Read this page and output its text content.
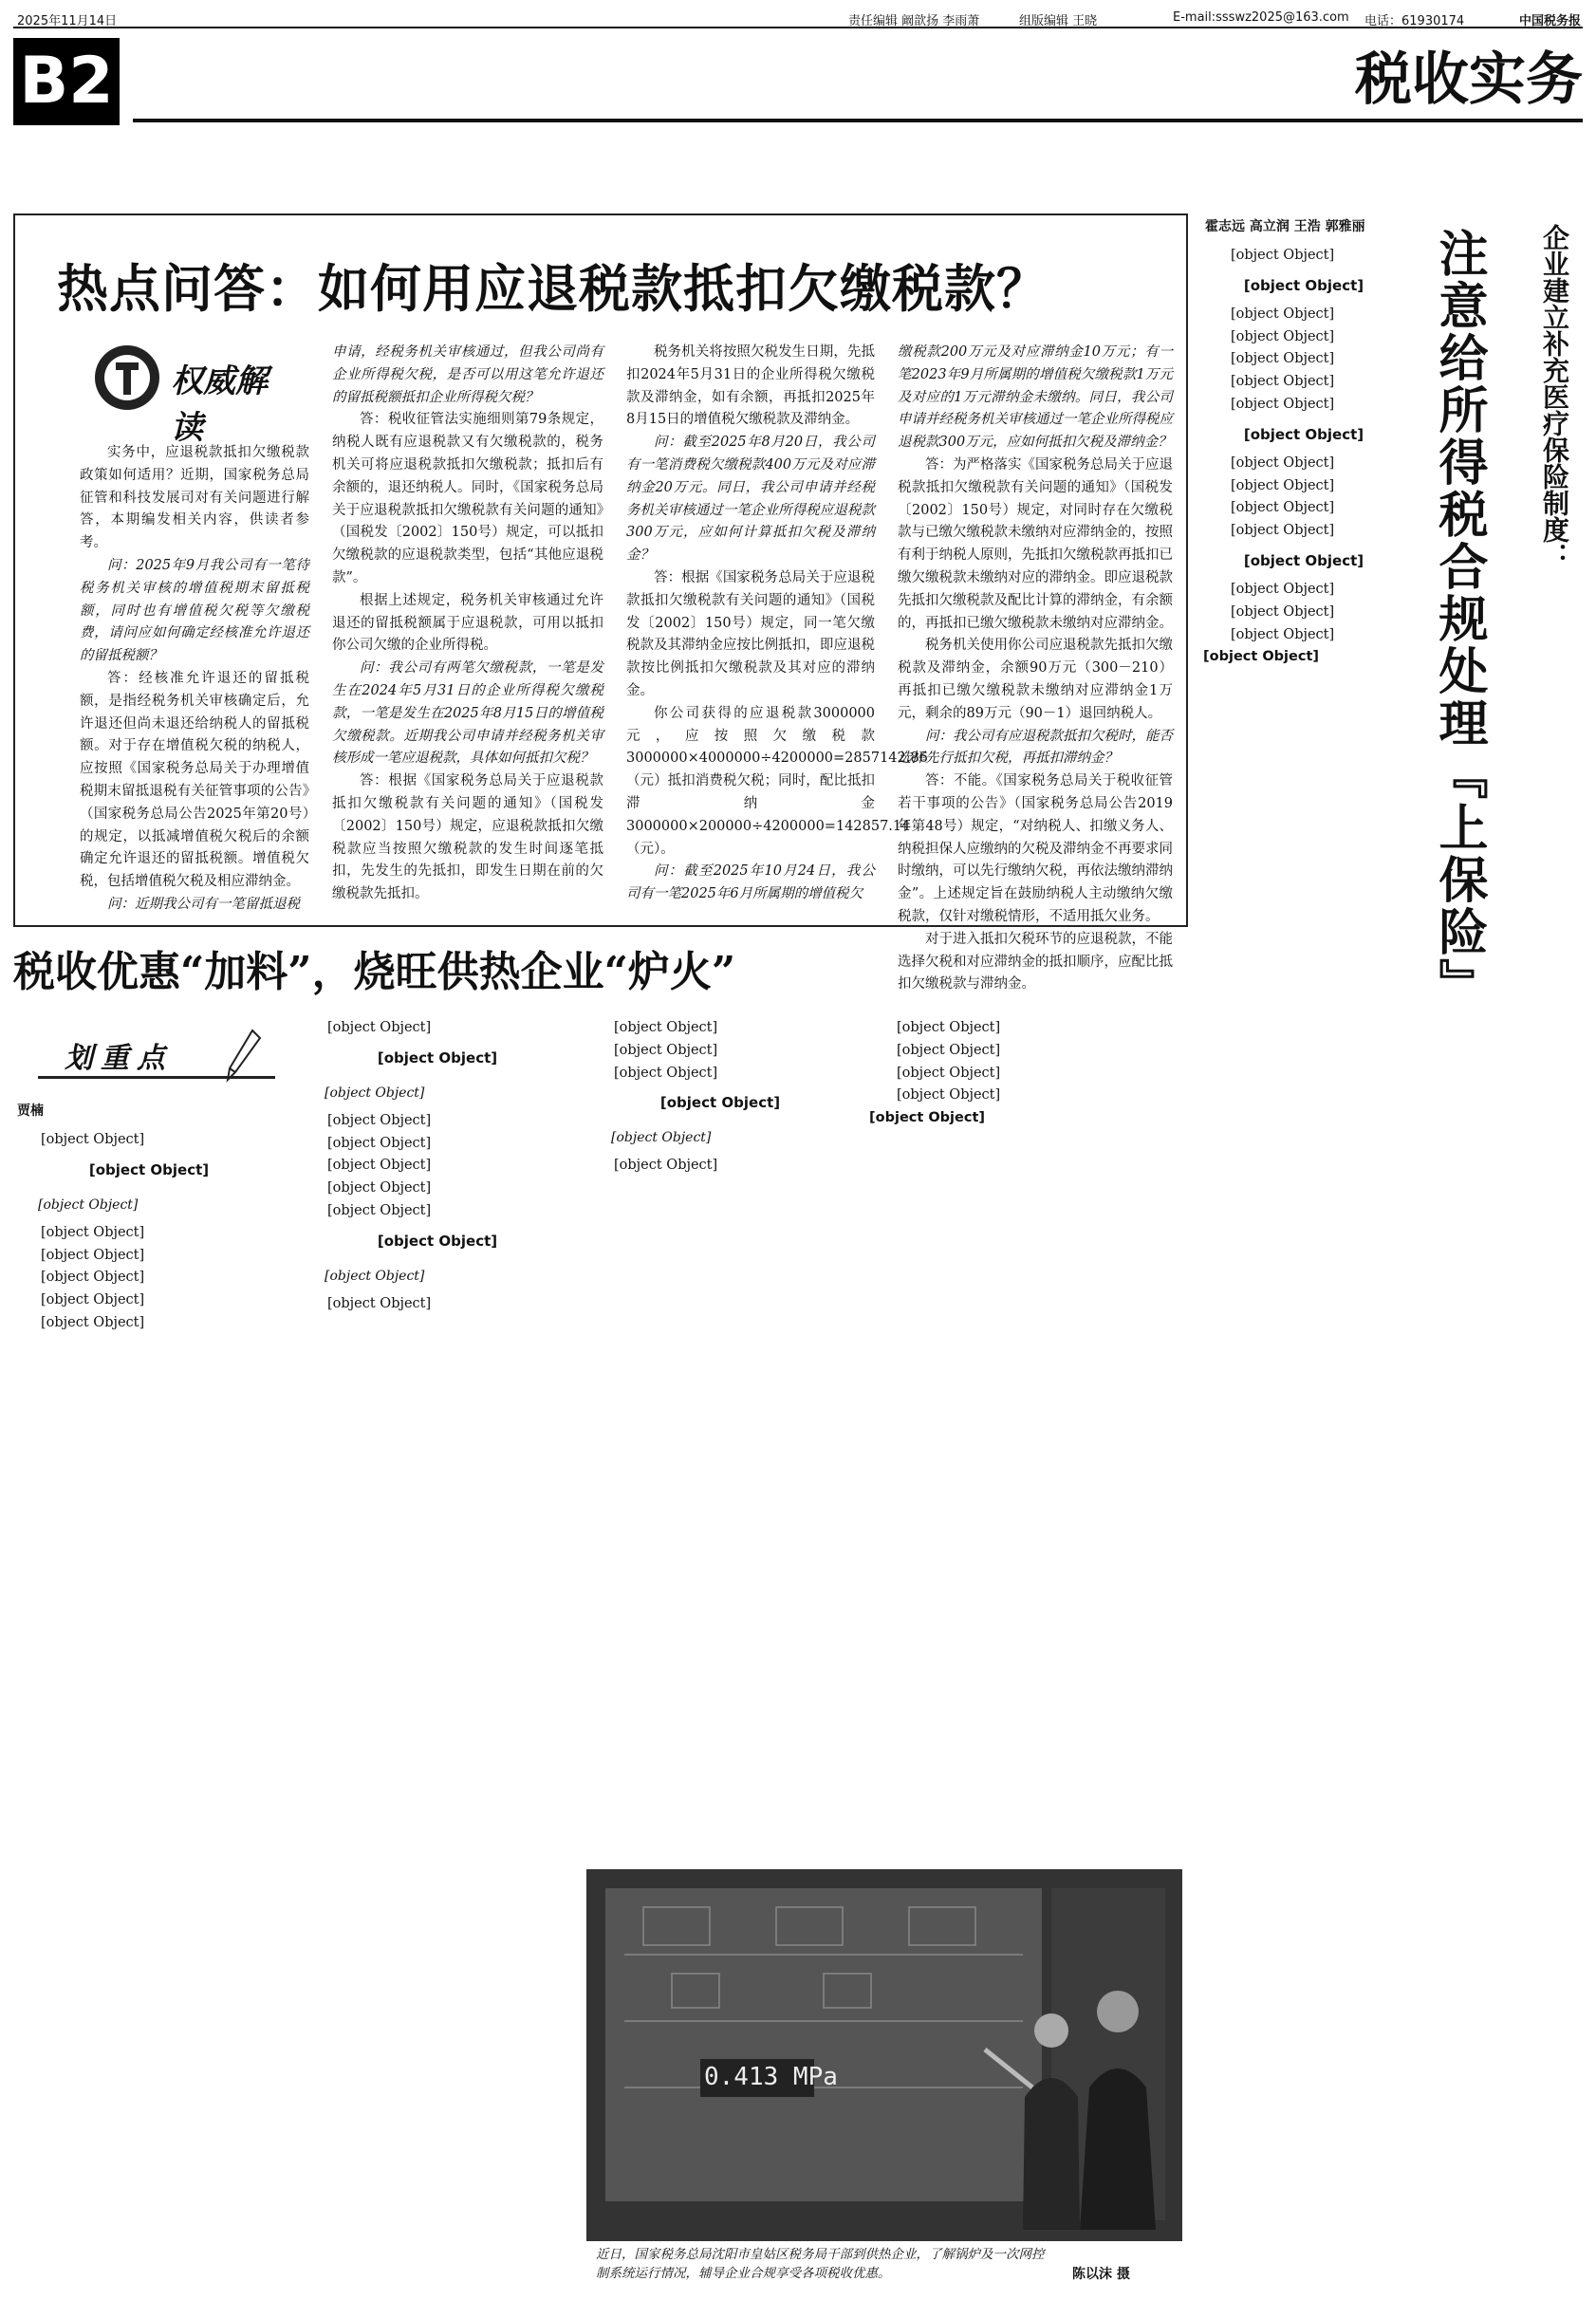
2025年11月14日	责任编辑 阚歆扬 李雨萧	组版编辑 王晓	E-mail:ssswz2025@163.com 电话：61930174	中国税务报
B2	税收实务
热点问答：如何用应退税款抵扣欠缴税款？
权威解读

实务中，应退税款抵扣欠缴税款政策如何适用？近期，国家税务总局征管和科技发展司对有关问题进行解答，本期编发相关内容，供读者参考。

问：2025年9月我公司有一笔待税务机关审核的增值税期末留抵税额，同时也有增值税欠税等欠缴税费，请问应如何确定经核准允许退还的留抵税额？

答：经核准允许退还的留抵税额，是指经税务机关审核确定后，允许退还但尚未退还给纳税人的留抵税额。对于存在增值税欠税的纳税人，应按照《国家税务总局关于办理增值税期末留抵退税有关征管事项的公告》（国家税务总局公告2025年第20号）的规定，以抵减增值税欠税后的余额确定允许退还的留抵税额。增值税欠税，包括增值税欠税及相应滞纳金。

问：近期我公司有一笔留抵退税

申请，经税务机关审核通过，但我公司尚有企业所得税欠税，是否可以用这笔允许退还的留抵税额抵扣企业所得税欠税？

答：税收征管法实施细则第79条规定，纳税人既有应退税款又有欠缴税款的，税务机关可将应退税款抵扣欠缴税款；抵扣后有余额的，退还纳税人。同时，《国家税务总局关于应退税款抵扣欠缴税款有关问题的通知》（国税发〔2002〕150号）规定，可以抵扣欠缴税款的应退税款类型，包括“其他应退税款”。

根据上述规定，税务机关审核通过允许退还的留抵税额属于应退税款，可用以抵扣你公司欠缴的企业所得税。

问：我公司有两笔欠缴税款，一笔是发生在2024年5月31日的企业所得税欠缴税款，一笔是发生在2025年8月15日的增值税欠缴税款。近期我公司申请并经税务机关审核形成一笔应退税款，具体如何抵扣欠税？

答：根据《国家税务总局关于应退税款抵扣欠缴税款有关问题的通知》（国税发〔2002〕150号）规定，应退税款抵扣欠缴税款应当按照欠缴税款的发生时间逐笔抵扣，先发生的先抵扣，即发生日期在前的欠缴税款先抵扣。

税务机关将按照欠税发生日期，先抵扣2024年5月31日的企业所得税欠缴税款及滞纳金，如有余额，再抵扣2025年8月15日的增值税欠缴税款及滞纳金。

问：截至2025年8月20日，我公司有一笔消费税欠缴税款400万元及对应滞纳金20万元。同日，我公司申请并经税务机关审核通过一笔企业所得税应退税款300万元，应如何计算抵扣欠税及滞纳金？

答：根据《国家税务总局关于应退税款抵扣欠缴税款有关问题的通知》（国税发〔2002〕150号）规定，同一笔欠缴税款及其滞纳金应按比例抵扣，即应退税款按比例抵扣欠缴税款及其对应的滞纳金。

你公司获得的应退税款3000000元，应按照欠缴税款3000000×4000000÷4200000=2857142.86（元）抵扣消费税欠税；同时，配比抵扣滞纳金3000000×200000÷4200000=142857.14（元）。

问：截至2025年10月24日，我公司有一笔2025年6月所属期的增值税欠

缴税款200万元及对应滞纳金10万元；有一笔2023年9月所属期的增值税欠缴税款1万元及对应的1万元滞纳金未缴纳。同日，我公司申请并经税务机关审核通过一笔企业所得税应退税款300万元，应如何抵扣欠税及滞纳金？

答：为严格落实《国家税务总局关于应退税款抵扣欠缴税款有关问题的通知》（国税发〔2002〕150号）规定，对同时存在欠缴税款与已缴欠缴税款未缴纳对应滞纳金的，按照有利于纳税人原则，先抵扣欠缴税款再抵扣已缴欠缴税款未缴纳对应的滞纳金。即应退税款先抵扣欠缴税款及配比计算的滞纳金，有余额的，再抵扣已缴欠缴税款未缴纳对应滞纳金。

税务机关使用你公司应退税款先抵扣欠缴税款及滞纳金，余额90万元（300－210）再抵扣已缴欠缴税款未缴纳对应滞纳金1万元，剩余的89万元（90－1）退回纳税人。

问：我公司有应退税款抵扣欠税时，能否选择先行抵扣欠税，再抵扣滞纳金？

答：不能。《国家税务总局关于税收征管若干事项的公告》（国家税务总局公告2019年第48号）规定，“对纳税人、扣缴义务人、纳税担保人应缴纳的欠税及滞纳金不再要求同时缴纳，可以先行缴纳欠税，再依法缴纳滞纳金”。上述规定旨在鼓励纳税人主动缴纳欠缴税款，仅针对缴税情形，不适用抵欠业务。

对于进入抵扣欠税环节的应退税款，不能选择欠税和对应滞纳金的抵扣顺序，应配比抵扣欠缴税款与滞纳金。

企业建立补充医疗保险制度：
注意给所得税合规处理『上保险』
霍志远 高立润 王浩 郭雅丽

[object Object]

[object Object]

[object Object]

[object Object]

[object Object]

[object Object]

[object Object]

[object Object]

[object Object]

[object Object]

[object Object]

[object Object]

[object Object]

[object Object]

[object Object]

[object Object]

[object Object]

税收优惠“加料”，烧旺供热企业“炉火”
划重点
贾楠

[object Object]

[object Object]
[object Object]

[object Object]

[object Object]

[object Object]

[object Object]

[object Object]

[object Object]

[object Object]
[object Object]

[object Object]

[object Object]

[object Object]

[object Object]

[object Object]

[object Object]
[object Object]

[object Object]

[object Object]

[object Object]

[object Object]

[object Object]
[object Object]

[object Object]

[object Object]

[object Object]

[object Object]

[object Object]

[object Object]

0.413 MPa
近日，国家税务总局沈阳市皇姑区税务局干部到供热企业，了解锅炉及一次网控制系统运行情况，辅导企业合规享受各项税收优惠。	陈以沫 摄
